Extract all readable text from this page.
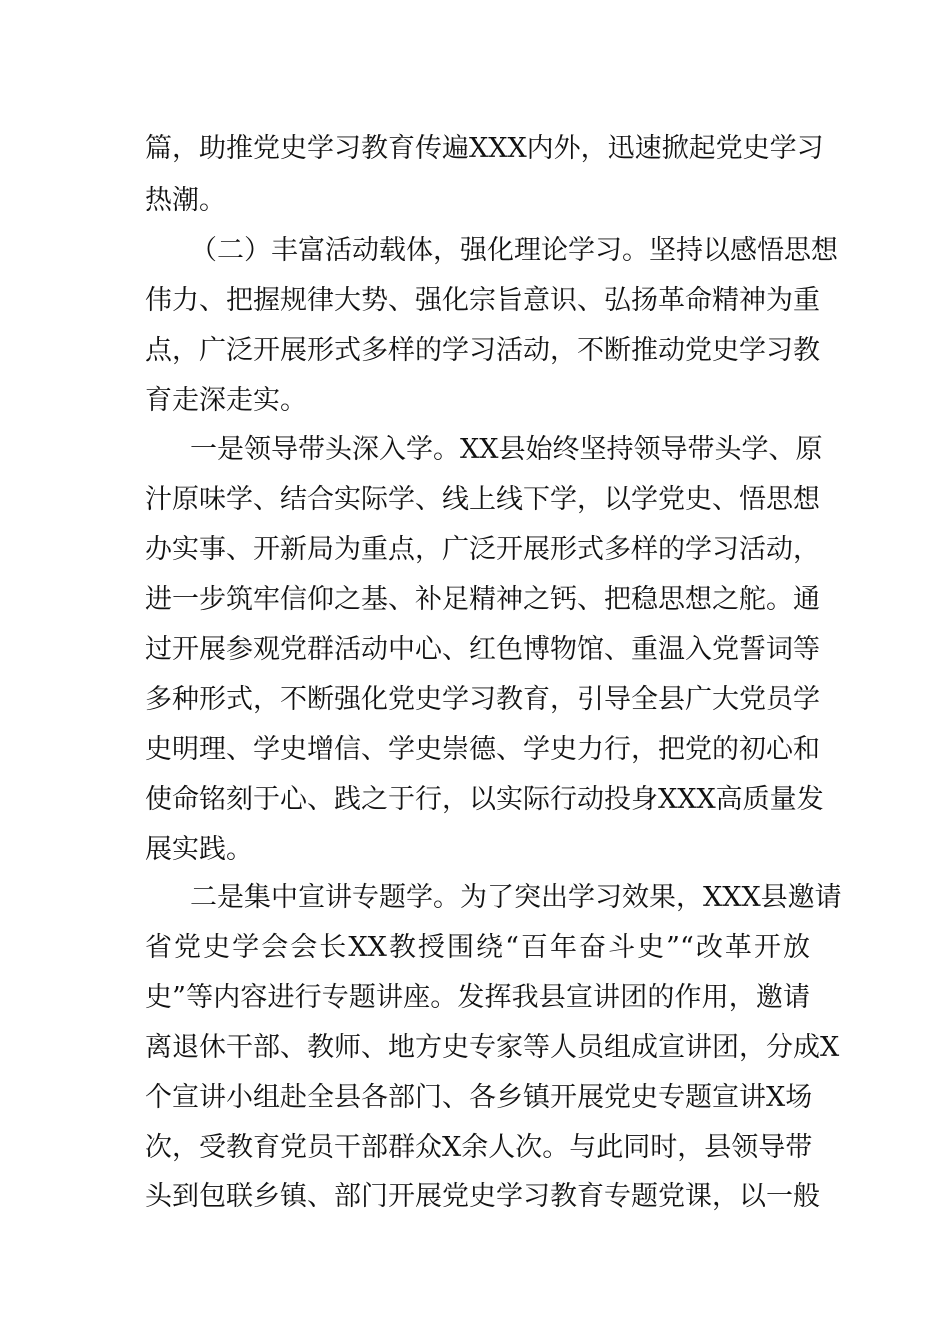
篇，助推党史学习教育传遍XXX内外，迅速掀起党史学习
热潮。
（二）丰富活动载体，强化理论学习。坚持以感悟思想
伟力、把握规律大势、强化宗旨意识、弘扬革命精神为重
点，广泛开展形式多样的学习活动，不断推动党史学习教
育走深走实。
一是领导带头深入学。XX县始终坚持领导带头学、原
汁原味学、结合实际学、线上线下学，以学党史、悟思想
办实事、开新局为重点，广泛开展形式多样的学习活动，
进一步筑牢信仰之基、补足精神之钙、把稳思想之舵。通
过开展参观党群活动中心、红色博物馆、重温入党誓词等
多种形式，不断强化党史学习教育，引导全县广大党员学
史明理、学史增信、学史崇德、学史力行，把党的初心和
使命铭刻于心、践之于行，以实际行动投身XXX高质量发
展实践。
二是集中宣讲专题学。为了突出学习效果，XXX县邀请
省党史学会会长XX教授围绕“百年奋斗史”“改革开放
史”等内容进行专题讲座。发挥我县宣讲团的作用，邀请
离退休干部、教师、地方史专家等人员组成宣讲团，分成X
个宣讲小组赴全县各部门、各乡镇开展党史专题宣讲X场
次，受教育党员干部群众X余人次。与此同时，县领导带
头到包联乡镇、部门开展党史学习教育专题党课，以一般
